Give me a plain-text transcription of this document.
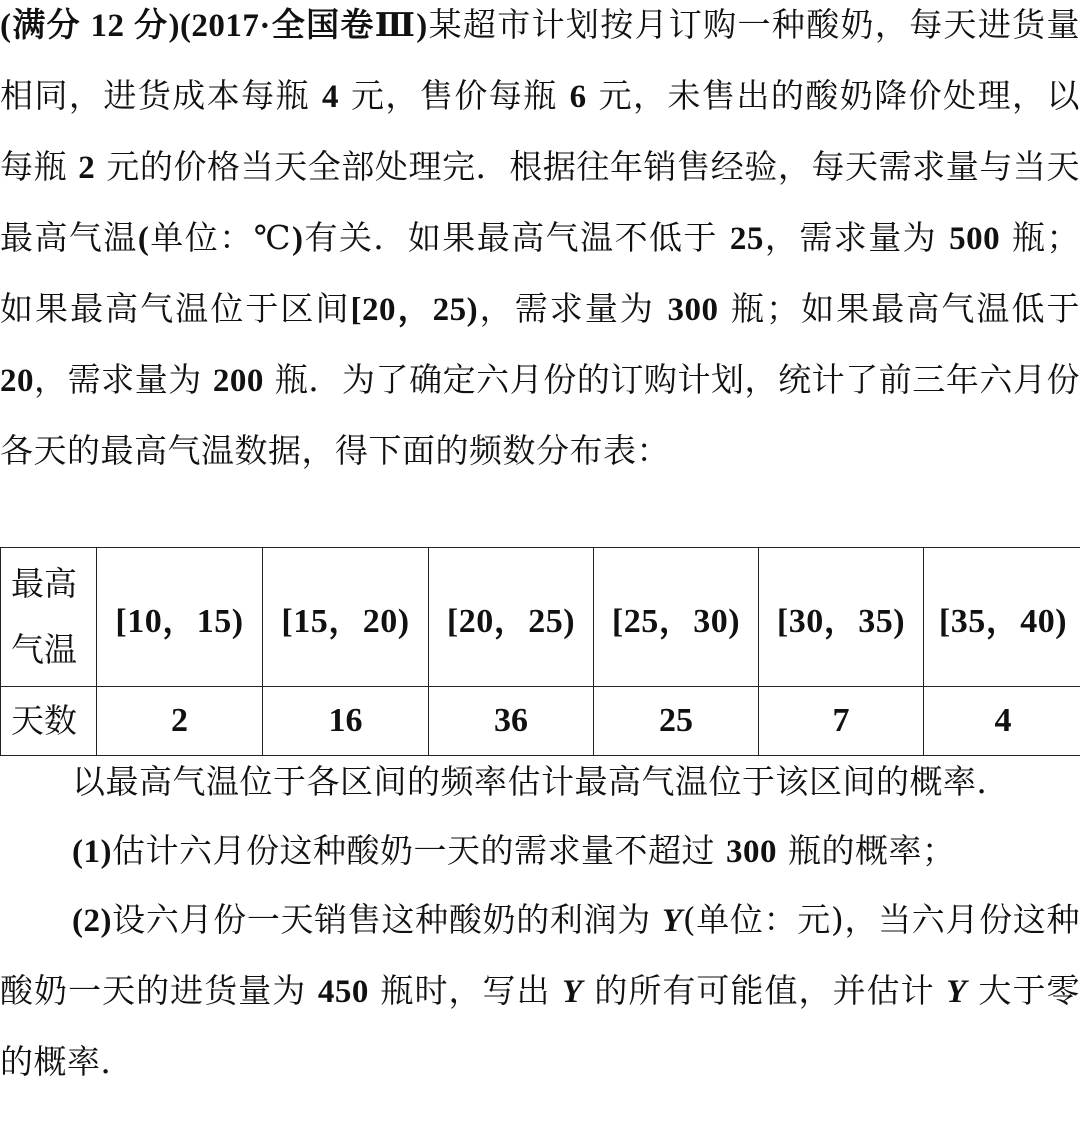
(满分 12 分)(2017·全国卷Ⅲ)某超市计划按月订购一种酸奶，每天进货量相同，进货成本每瓶 4 元，售价每瓶 6 元，未售出的酸奶降价处理，以每瓶 2 元的价格当天全部处理完．根据往年销售经验，每天需求量与当天最高气温(单位：℃)有关．如果最高气温不低于 25，需求量为 500 瓶；如果最高气温位于区间[20，25)，需求量为 300 瓶；如果最高气温低于 20，需求量为 200 瓶．为了确定六月份的订购计划，统计了前三年六月份各天的最高气温数据，得下面的频数分布表：

最高气温	[10，15)	[15，20)	[20，25)	[25，30)	[30，35)	[35，40)
天数	2	16	36	25	7	4

以最高气温位于各区间的频率估计最高气温位于该区间的概率．

(1)估计六月份这种酸奶一天的需求量不超过 300 瓶的概率；

(2)设六月份一天销售这种酸奶的利润为 Y(单位：元)，当六月份这种酸奶一天的进货量为 450 瓶时，写出 Y 的所有可能值，并估计 Y 大于零的概率．
